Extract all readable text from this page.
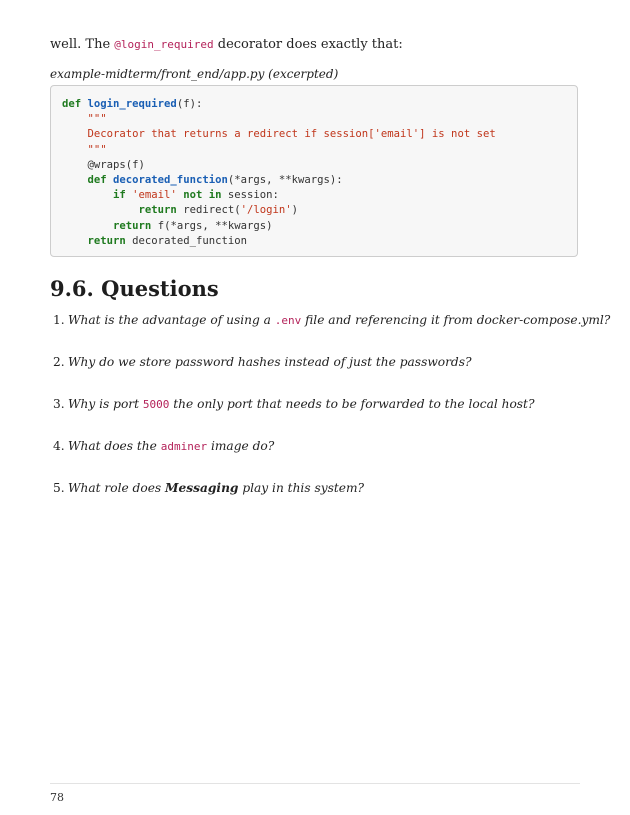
well. The @login_required decorator does exactly that:

example-midterm/front_end/app.py (excerpted)
def login_required(f):
"""
Decorator that returns a redirect if session['email'] is not set
"""
@wraps(f)
def decorated_function(*args, **kwargs):
if 'email' not in session:
return redirect('/login')
return f(*args, **kwargs)
return decorated_function
9.6. Questions
1. What is the advantage of using a .env file and referencing it from docker-compose.yml?
2. Why do we store password hashes instead of just the passwords?
3. Why is port 5000 the only port that needs to be forwarded to the local host?
4. What does the adminer image do?
5. What role does Messaging play in this system?
78
